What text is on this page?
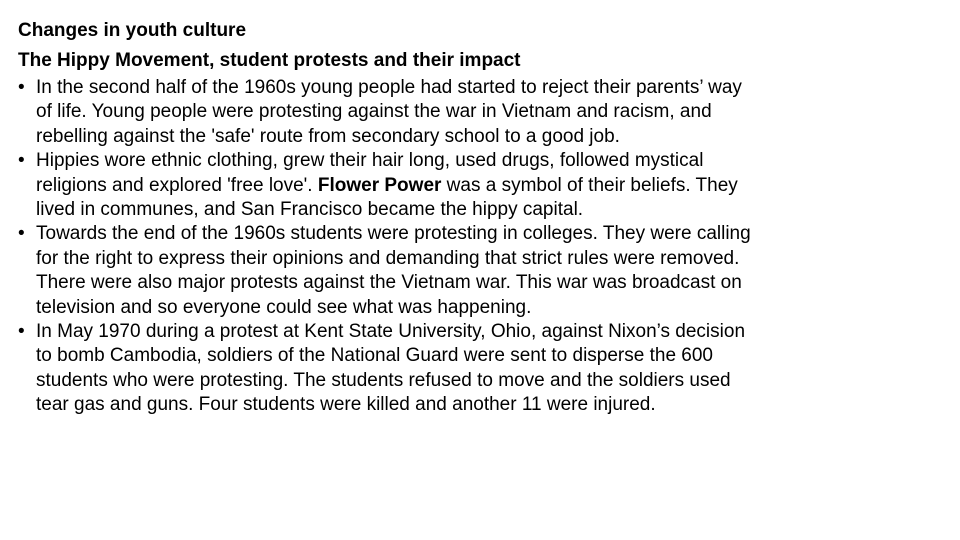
Changes in youth culture
The Hippy Movement, student protests and their impact
• In the second half of the 1960s young people had started to reject their parents’ way
of life. Young people were protesting against the war in Vietnam and racism, and
rebelling against the 'safe' route from secondary school to a good job.
• Hippies wore ethnic clothing, grew their hair long, used drugs, followed mystical
religions and explored 'free love'. Flower Power was a symbol of their beliefs. They
lived in communes, and San Francisco became the hippy capital.
• Towards the end of the 1960s students were protesting in colleges. They were calling
for the right to express their opinions and demanding that strict rules were removed.
There were also major protests against the Vietnam war. This war was broadcast on
television and so everyone could see what was happening.
• In May 1970 during a protest at Kent State University, Ohio, against Nixon’s decision
to bomb Cambodia, soldiers of the National Guard were sent to disperse the 600
students who were protesting. The students refused to move and the soldiers used
tear gas and guns. Four students were killed and another 11 were injured.
